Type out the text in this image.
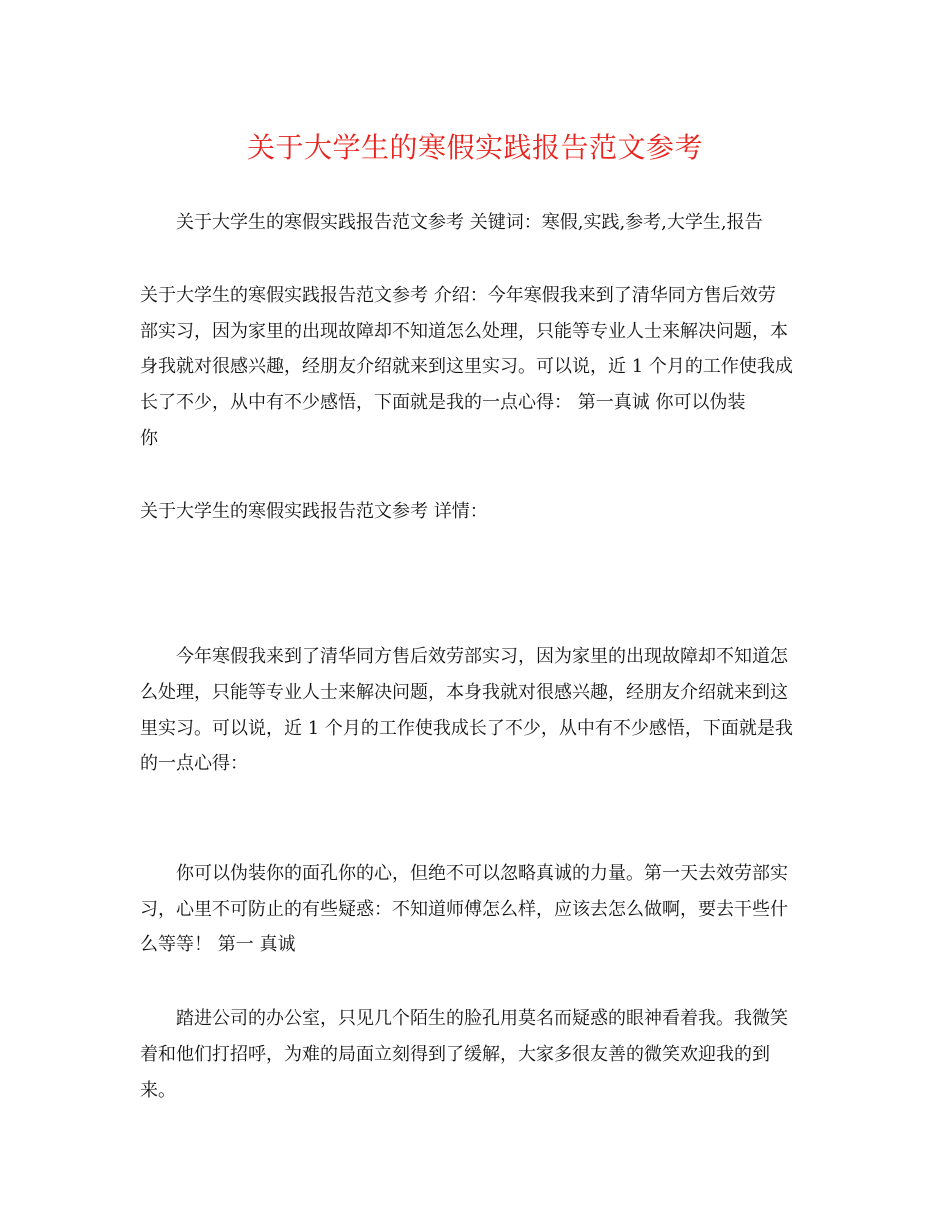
关于大学生的寒假实践报告范文参考
关于大学生的寒假实践报告范文参考 关键词：寒假,实践,参考,大学生,报告
关于大学生的寒假实践报告范文参考 介绍：今年寒假我来到了清华同方售后效劳
部实习，因为家里的出现故障却不知道怎么处理，只能等专业人士来解决问题，本
身我就对很感兴趣，经朋友介绍就来到这里实习。可以说，近 1 个月的工作使我成
长了不少，从中有不少感悟，下面就是我的一点心得： 第一真诚 你可以伪装
你
关于大学生的寒假实践报告范文参考 详情：
今年寒假我来到了清华同方售后效劳部实习，因为家里的出现故障却不知道怎
么处理，只能等专业人士来解决问题，本身我就对很感兴趣，经朋友介绍就来到这
里实习。可以说，近 1 个月的工作使我成长了不少，从中有不少感悟，下面就是我
的一点心得：
你可以伪装你的面孔你的心，但绝不可以忽略真诚的力量。第一天去效劳部实
习，心里不可防止的有些疑惑：不知道师傅怎么样，应该去怎么做啊，要去干些什
么等等！ 第一 真诚
踏进公司的办公室，只见几个陌生的脸孔用莫名而疑惑的眼神看着我。我微笑
着和他们打招呼，为难的局面立刻得到了缓解，大家多很友善的微笑欢迎我的到
来。
